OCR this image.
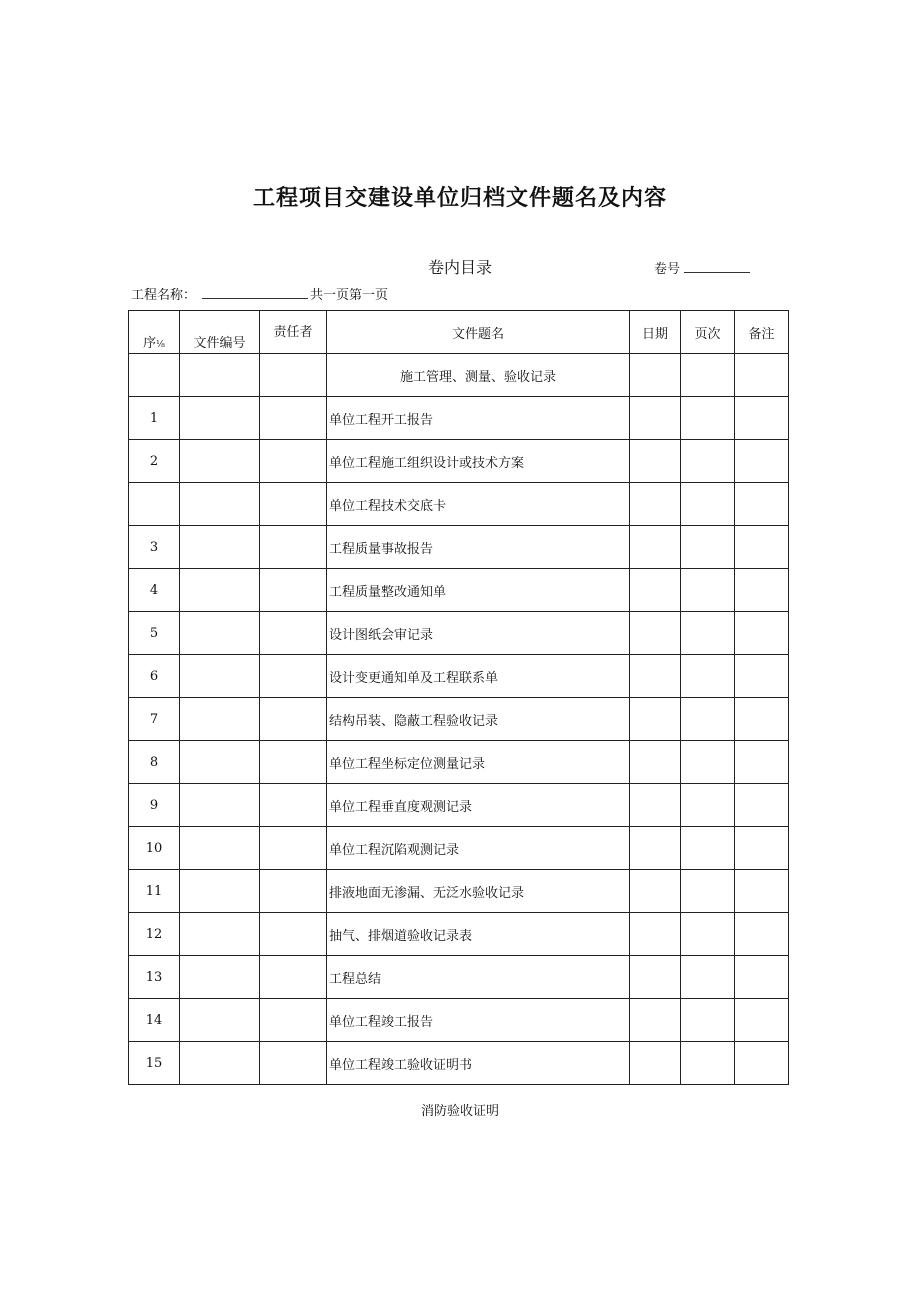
工程项目交建设单位归档文件题名及内容
卷内目录	卷号
工程名称：	共一页第一页
序⅛	文件编号	责任者	文件题名	日期	页次	备注
			施工管理、测量、验收记录			
1			单位工程开工报告			
2			单位工程施工组织设计或技术方案			
			单位工程技术交底卡			
3			工程质量事故报告			
4			工程质量整改通知单			
5			设计图纸会审记录			
6			设计变更通知单及工程联系单			
7			结构吊装、隐蔽工程验收记录			
8			单位工程坐标定位测量记录			
9			单位工程垂直度观测记录			
10			单位工程沉陷观测记录			
11			排液地面无渗漏、无泛水验收记录			
12			抽气、排烟道验收记录表			
13			工程总结			
14			单位工程竣工报告			
15			单位工程竣工验收证明书			
消防验收证明
